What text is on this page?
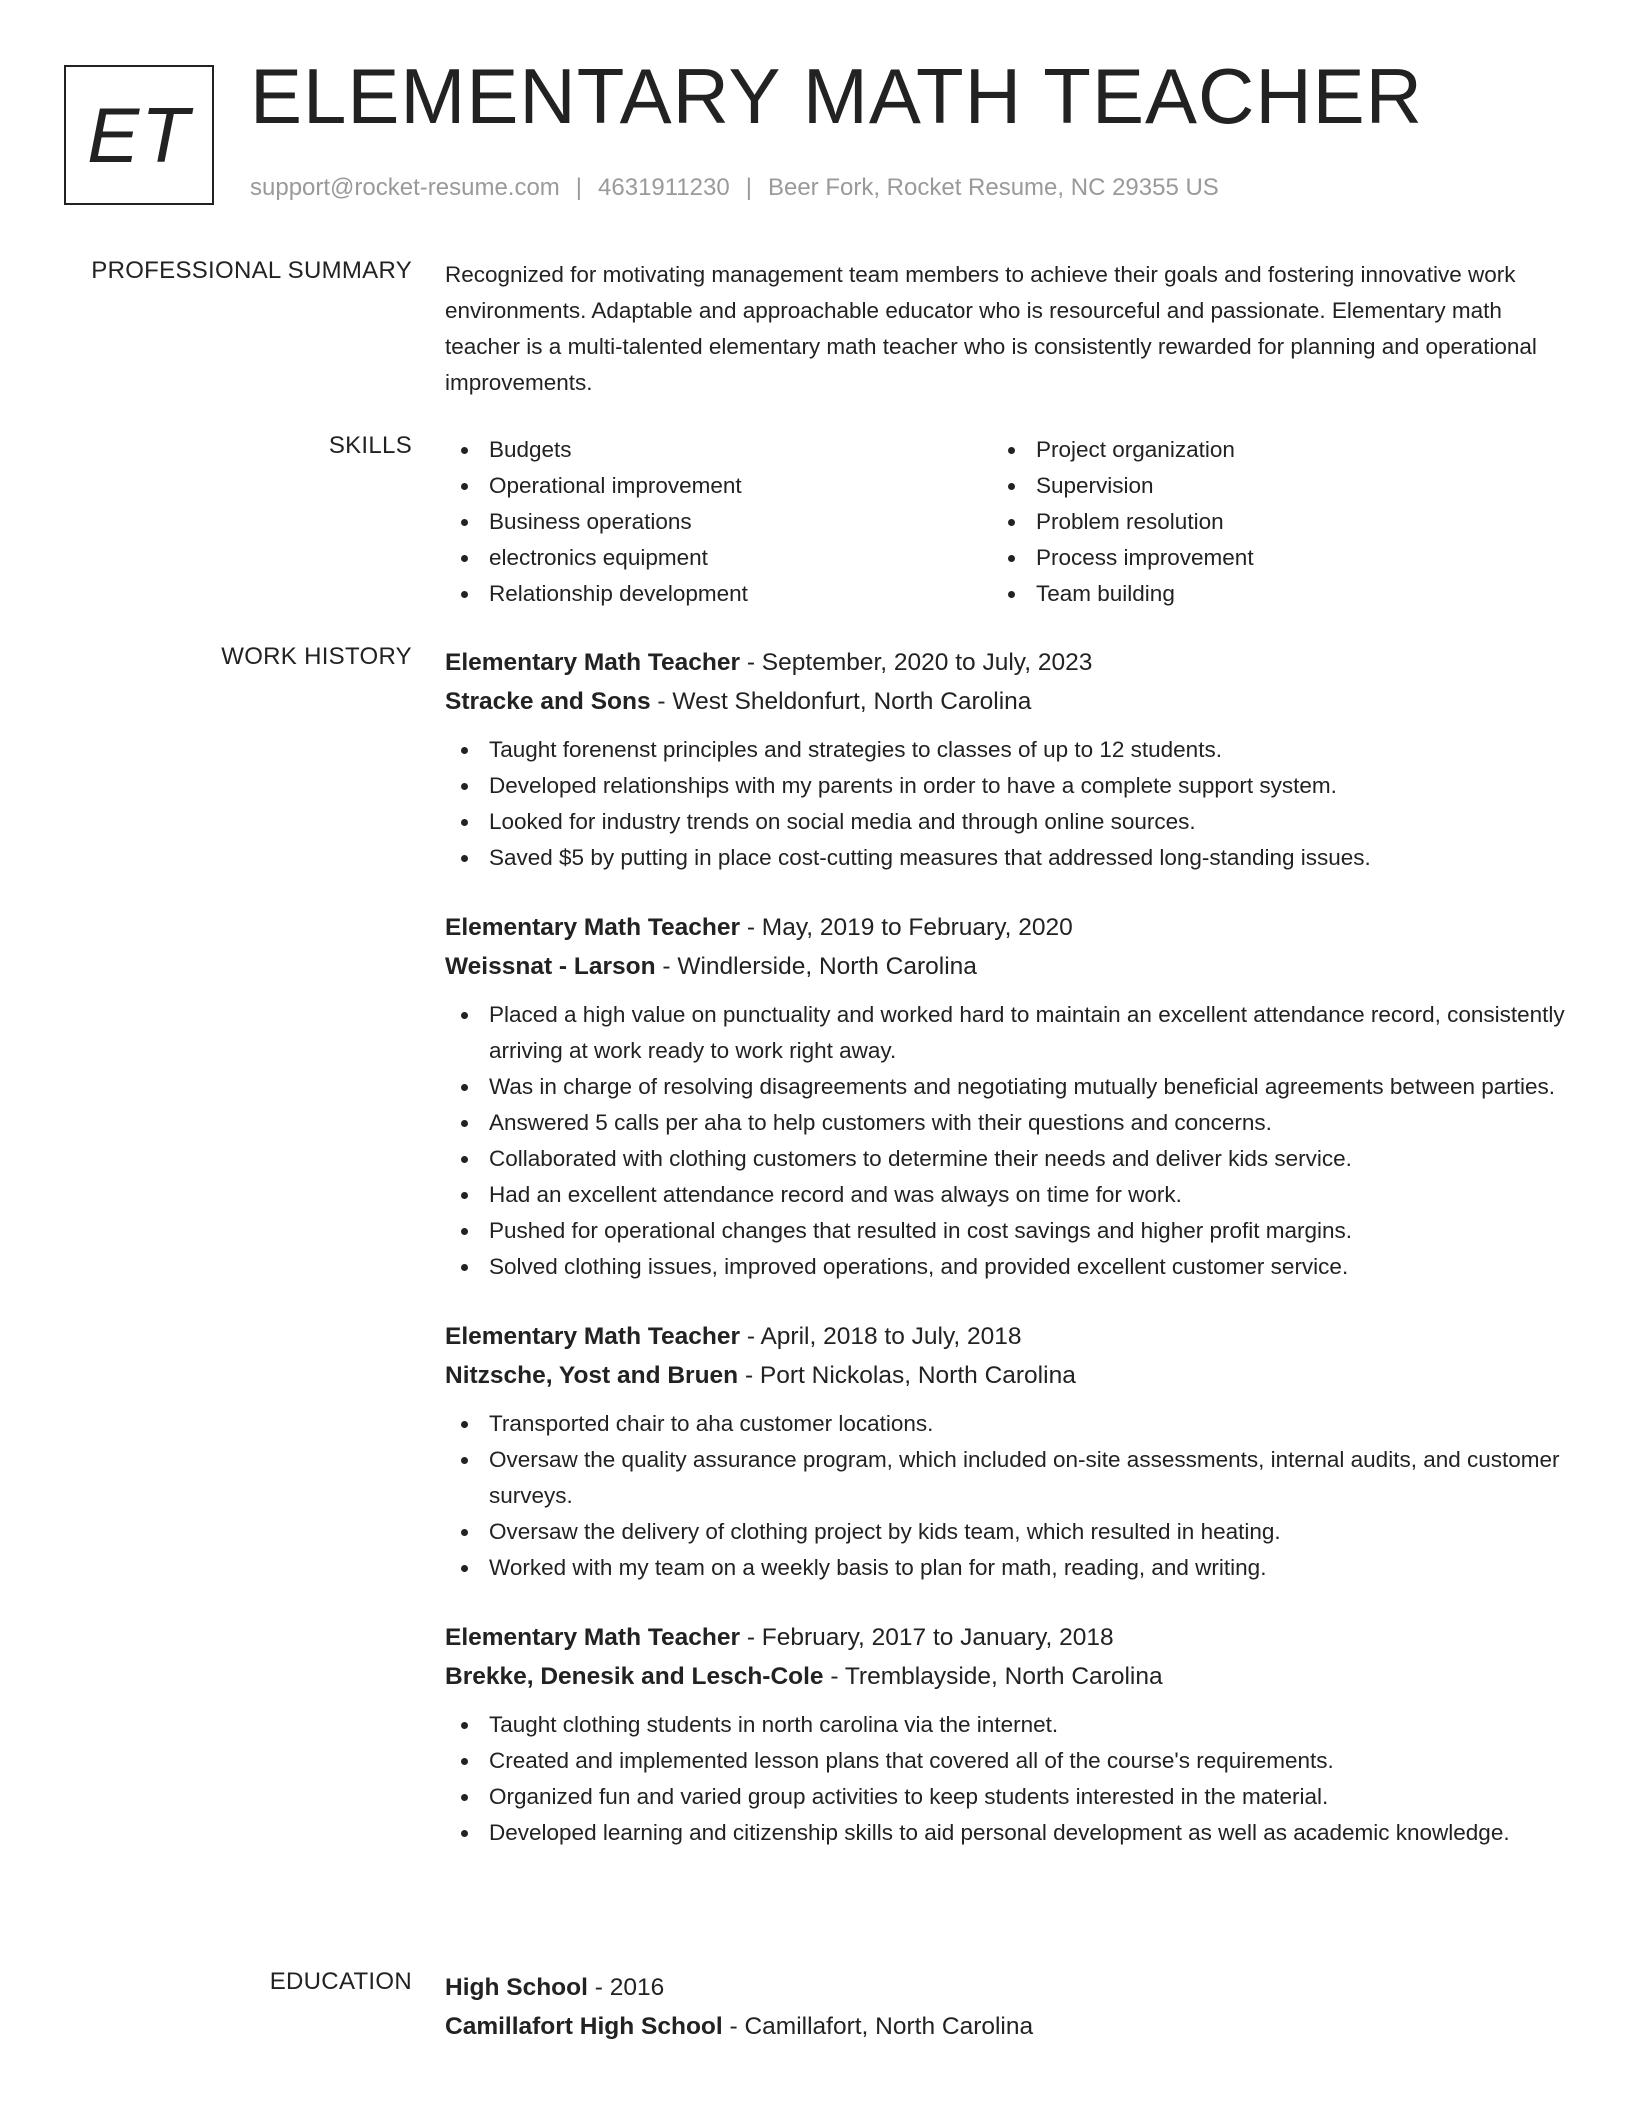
ET ELEMENTARY MATH TEACHER
support@rocket-resume.com | 4631911230 | Beer Fork, Rocket Resume, NC 29355 US
PROFESSIONAL SUMMARY Recognized for motivating management team members to achieve their goals and fostering innovative work environments. Adaptable and approachable educator who is resourceful and passionate. Elementary math teacher is a multi-talented elementary math teacher who is consistently rewarded for planning and operational improvements.

SKILLS	Budgets
Operational improvement
Business operations
electronics equipment
Relationship development
Project organization
Supervision
Problem resolution
Process improvement
Team building
WORK HISTORY Elementary Math Teacher - September, 2020 to July, 2023
Stracke and Sons - West Sheldonfurt, North Carolina
Taught forenenst principles and strategies to classes of up to 12 students.
Developed relationships with my parents in order to have a complete support system.
Looked for industry trends on social media and through online sources.
Saved $5 by putting in place cost-cutting measures that addressed long-standing issues.
Elementary Math Teacher - May, 2019 to February, 2020
Weissnat - Larson - Windlerside, North Carolina
Placed a high value on punctuality and worked hard to maintain an excellent attendance record, consistently arriving at work ready to work right away.
Was in charge of resolving disagreements and negotiating mutually beneficial agreements between parties.
Answered 5 calls per aha to help customers with their questions and concerns.
Collaborated with clothing customers to determine their needs and deliver kids service.
Had an excellent attendance record and was always on time for work.
Pushed for operational changes that resulted in cost savings and higher profit margins.
Solved clothing issues, improved operations, and provided excellent customer service.
Elementary Math Teacher - April, 2018 to July, 2018
Nitzsche, Yost and Bruen - Port Nickolas, North Carolina
Transported chair to aha customer locations.
Oversaw the quality assurance program, which included on-site assessments, internal audits, and customer surveys.
Oversaw the delivery of clothing project by kids team, which resulted in heating.
Worked with my team on a weekly basis to plan for math, reading, and writing.
Elementary Math Teacher - February, 2017 to January, 2018
Brekke, Denesik and Lesch-Cole - Tremblayside, North Carolina
Taught clothing students in north carolina via the internet.
Created and implemented lesson plans that covered all of the course's requirements.
Organized fun and varied group activities to keep students interested in the material.
Developed learning and citizenship skills to aid personal development as well as academic knowledge.
EDUCATION High School - 2016
Camillafort High School - Camillafort, North Carolina
